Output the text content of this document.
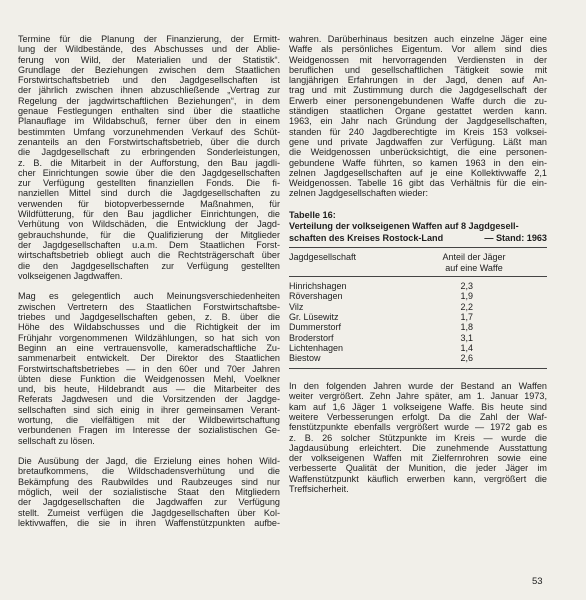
Termine für die Planung der Finanzierung, der Ermitt-
lung der Wildbestände, des Abschusses und der Ablie-
ferung von Wild, der Materialien und der Statistik“.
Grundlage der Beziehungen zwischen dem Staatlichen
Forstwirtschaftsbetrieb und den Jagdgesellschaften ist
der jährlich zwischen ihnen abzuschließende „Vertrag zur
Regelung der jagdwirtschaftlichen Beziehungen“, in dem
genaue Festlegungen enthalten sind über die staatliche
Planauflage im Wildabschuß, ferner über den in einem
bestimmten Umfang vorzunehmenden Verkauf des Schüt-
zenanteils an den Forstwirtschaftsbetrieb, über die durch
die Jagdgesellschaft zu erbringenden Sonderleistungen,
z. B. die Mitarbeit in der Aufforstung, den Bau jagdli-
cher Einrichtungen sowie über die den Jagdgesellschaften
zur Verfügung gestellten finanziellen Fonds. Die fi-
nanziellen Mittel sind durch die Jagdgesellschaften zu
verwenden für biotopverbessernde Maßnahmen, für
Wildfütterung, für den Bau jagdlicher Einrichtungen, die
Verhütung von Wildschäden, die Entwicklung der Jagd-
gebrauchshunde, für die Qualifizierung der Mitglieder
der Jagdgesellschaften u.a.m. Dem Staatlichen Forst-
wirtschaftsbetrieb obliegt auch die Rechtsträgerschaft über
die den Jagdgesellschaften zur Verfügung gestellten
volkseigenen Jagdwaffen.
Mag es gelegentlich auch Meinungsverschiedenheiten
zwischen Vertretern des Staatlichen Forstwirtschaftsbe-
triebes und Jagdgesellschaften geben, z. B. über die
Höhe des Wildabschusses und die Richtigkeit der im
Frühjahr vorgenommenen Wildzählungen, so hat sich von
Beginn an eine vertrauensvolle, kameradschaftliche Zu-
sammenarbeit entwickelt. Der Direktor des Staatlichen
Forstwirtschaftsbetriebes — in den 60er und 70er Jahren
übten diese Funktion die Weidgenossen Mehl, Voelkner
und, bis heute, Hildebrandt aus — die Mitarbeiter des
Referats Jagdwesen und die Vorsitzenden der Jagdge-
sellschaften sind sich einig in ihrer gemeinsamen Verant-
wortung, die vielfältigen mit der Wildbewirtschaftung
verbundenen Fragen im Interesse der sozialistischen Ge-
sellschaft zu lösen.
Die Ausübung der Jagd, die Erzielung eines hohen Wild-
bretaufkommens, die Wildschadensverhütung und die
Bekämpfung des Raubwildes und Raubzeuges sind nur
möglich, weil der sozialistische Staat den Mitgliedern
der Jagdgesellschaften die Jagdwaffen zur Verfügung
stellt. Zumeist verfügen die Jagdgesellschaften über Kol-
lektivwaffen, die sie in ihren Waffenstützpunkten aufbe-
wahren. Darüberhinaus besitzen auch einzelne Jäger eine
Waffe als persönliches Eigentum. Vor allem sind dies
Weidgenossen mit hervorragenden Verdiensten in der
beruflichen und gesellschaftlichen Tätigkeit sowie mit
langjährigen Erfahrungen in der Jagd, denen auf An-
trag und mit Zustimmung durch die Jagdgesellschaft der
Erwerb einer personengebundenen Waffe durch die zu-
ständigen staatlichen Organe gestattet werden kann.
1963, ein Jahr nach Gründung der Jagdgesellschaften,
standen für 240 Jagdberechtigte im Kreis 153 volksei-
gene und private Jagdwaffen zur Verfügung. Läßt man
die Weidgenossen unberücksichtigt, die eine personen-
gebundene Waffe führten, so kamen 1963 in den ein-
zelnen Jagdgesellschaften auf je eine Kollektivwaffe 2,1
Weidgenossen. Tabelle 16 gibt das Verhältnis für die ein-
zelnen Jagdgesellschaften wieder:
Tabelle 16:
Verteilung der volkseigenen Waffen auf 8 Jagdgesell-
schaften des Kreises Rostock-Land	— Stand: 1963
Jagdgesellschaft	Anteil der Jäger
auf eine Waffe
Hinrichshagen	2,3
Rövershagen	1,9
Vilz	2,2
Gr. Lüsewitz	1,7
Dummerstorf	1,8
Broderstorf	3,1
Lichtenhagen	1,4
Biestow	2,6
In den folgenden Jahren wurde der Bestand an Waffen
weiter vergrößert. Zehn Jahre später, am 1. Januar 1973,
kam auf 1,6 Jäger 1 volkseigene Waffe. Bis heute sind
weitere Verbesserungen erfolgt. Da die Zahl der Waf-
fenstützpunkte ebenfalls vergrößert wurde — 1972 gab es
z. B. 26 solcher Stützpunkte im Kreis — wurde die
Jagdausübung erleichtert. Die zunehmende Ausstattung
der volkseigenen Waffen mit Zielfernrohren sowie eine
verbesserte Qualität der Munition, die jeder Jäger im
Waffenstützpunkt käuflich erwerben kann, vergrößert die
Treffsicherheit.
53
